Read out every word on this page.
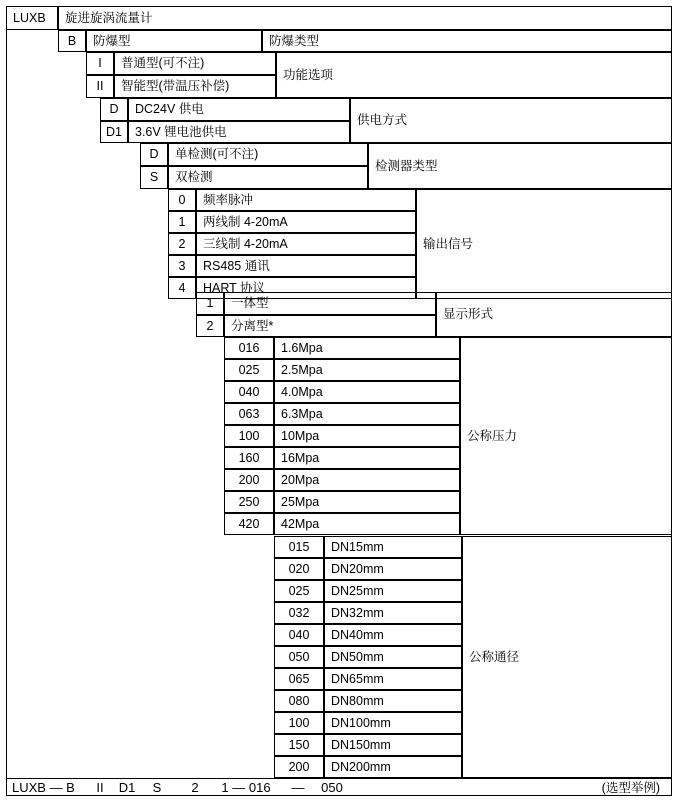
LUXB 旋进旋涡流量计
B 防爆型	防爆类型
I 普通型(可不注)
II 智能型(带温压补偿)
功能选项
D DC24V 供电
D1 3.6V 锂电池供电
供电方式
D 单检测(可不注)
S 双检测
检测器类型
0 频率脉冲
1 两线制 4-20mA
2 三线制 4-20mA
3 RS485 通讯
4 HART 协议
输出信号
1 一体型
2 分离型*
显示形式
016 1.6Mpa
025 2.5Mpa
040 4.0Mpa
063 6.3Mpa
100 10Mpa
160 16Mpa
200 20Mpa
250 25Mpa
420 42Mpa
公称压力
015 DN15mm
020 DN20mm
025 DN25mm
032 DN32mm
040 DN40mm
050 DN50mm
065 DN65mm
080 DN80mm
100 DN100mm
150 DN150mm
200 DN200mm
公称通径
LUXB — B II D1 S 2 1 — 016 — 050	(选型举例)
